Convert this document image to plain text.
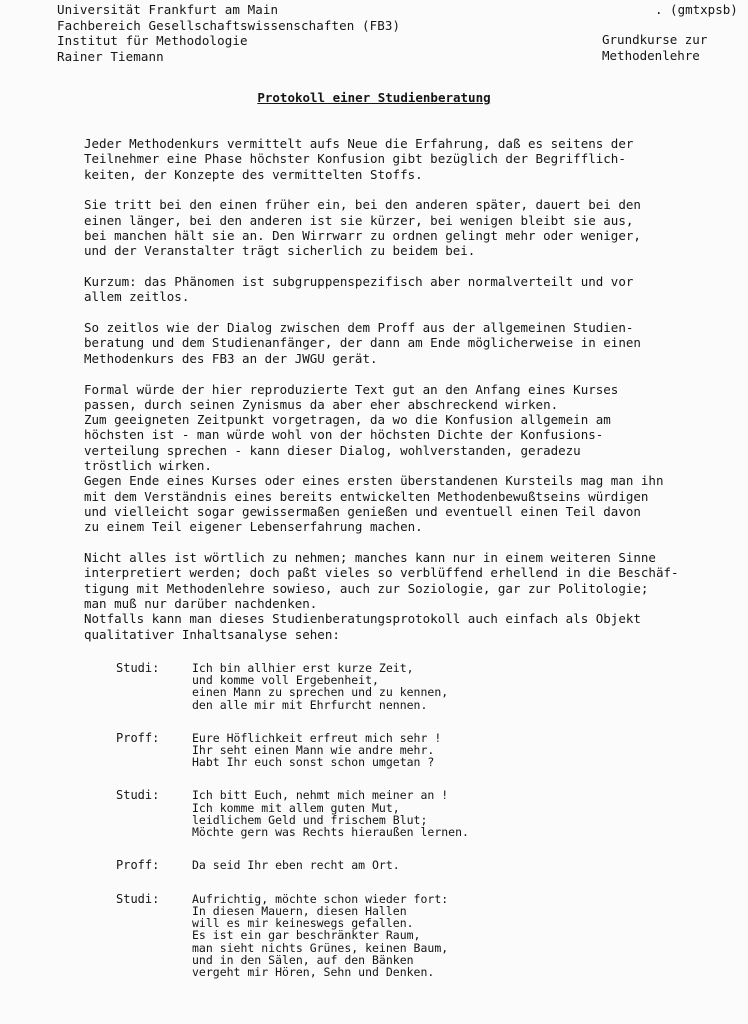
Universität Frankfurt am Main
Fachbereich Gesellschaftswissenschaften (FB3)
Institut für Methodologie
Rainer Tiemann
. (gmtxpsb)
Grundkurse zur
Methodenlehre
Protokoll einer Studienberatung

Jeder Methodenkurs vermittelt aufs Neue die Erfahrung, daß es seitens der
Teilnehmer eine Phase höchster Konfusion gibt bezüglich der Begrifflich-
keiten, der Konzepte des vermittelten Stoffs.

Sie tritt bei den einen früher ein, bei den anderen später, dauert bei den
einen länger, bei den anderen ist sie kürzer, bei wenigen bleibt sie aus,
bei manchen hält sie an. Den Wirrwarr zu ordnen gelingt mehr oder weniger,
und der Veranstalter trägt sicherlich zu beidem bei.

Kurzum: das Phänomen ist subgruppenspezifisch aber normalverteilt und vor
allem zeitlos.

So zeitlos wie der Dialog zwischen dem Proff aus der allgemeinen Studien-
beratung und dem Studienanfänger, der dann am Ende möglicherweise in einen
Methodenkurs des FB3 an der JWGU gerät.

Formal würde der hier reproduzierte Text gut an den Anfang eines Kurses
passen, durch seinen Zynismus da aber eher abschreckend wirken.
Zum geeigneten Zeitpunkt vorgetragen, da wo die Konfusion allgemein am
höchsten ist - man würde wohl von der höchsten Dichte der Konfusions-
verteilung sprechen - kann dieser Dialog, wohlverstanden, geradezu
tröstlich wirken.
Gegen Ende eines Kurses oder eines ersten überstandenen Kursteils mag man ihn
mit dem Verständnis eines bereits entwickelten Methodenbewußtseins würdigen
und vielleicht sogar gewissermaßen genießen und eventuell einen Teil davon
zu einem Teil eigener Lebenserfahrung machen.

Nicht alles ist wörtlich zu nehmen; manches kann nur in einem weiteren Sinne
interpretiert werden; doch paßt vieles so verblüffend erhellend in die Beschäf-
tigung mit Methodenlehre sowieso, auch zur Soziologie, gar zur Politologie;
man muß nur darüber nachdenken.
Notfalls kann man dieses Studienberatungsprotokoll auch einfach als Objekt
qualitativer Inhaltsanalyse sehen:

Studi:	Ich bin allhier erst kurze Zeit,
und komme voll Ergebenheit,
einen Mann zu sprechen und zu kennen,
den alle mir mit Ehrfurcht nennen.
Proff:	Eure Höflichkeit erfreut mich sehr !
Ihr seht einen Mann wie andre mehr.
Habt Ihr euch sonst schon umgetan ?
Studi:	Ich bitt Euch, nehmt mich meiner an !
Ich komme mit allem guten Mut,
leidlichem Geld und frischem Blut;
Möchte gern was Rechts hieraußen lernen.
Proff:	Da seid Ihr eben recht am Ort.
Studi:	Aufrichtig, möchte schon wieder fort:
In diesen Mauern, diesen Hallen
will es mir keineswegs gefallen.
Es ist ein gar beschränkter Raum,
man sieht nichts Grünes, keinen Baum,
und in den Sälen, auf den Bänken
vergeht mir Hören, Sehn und Denken.
